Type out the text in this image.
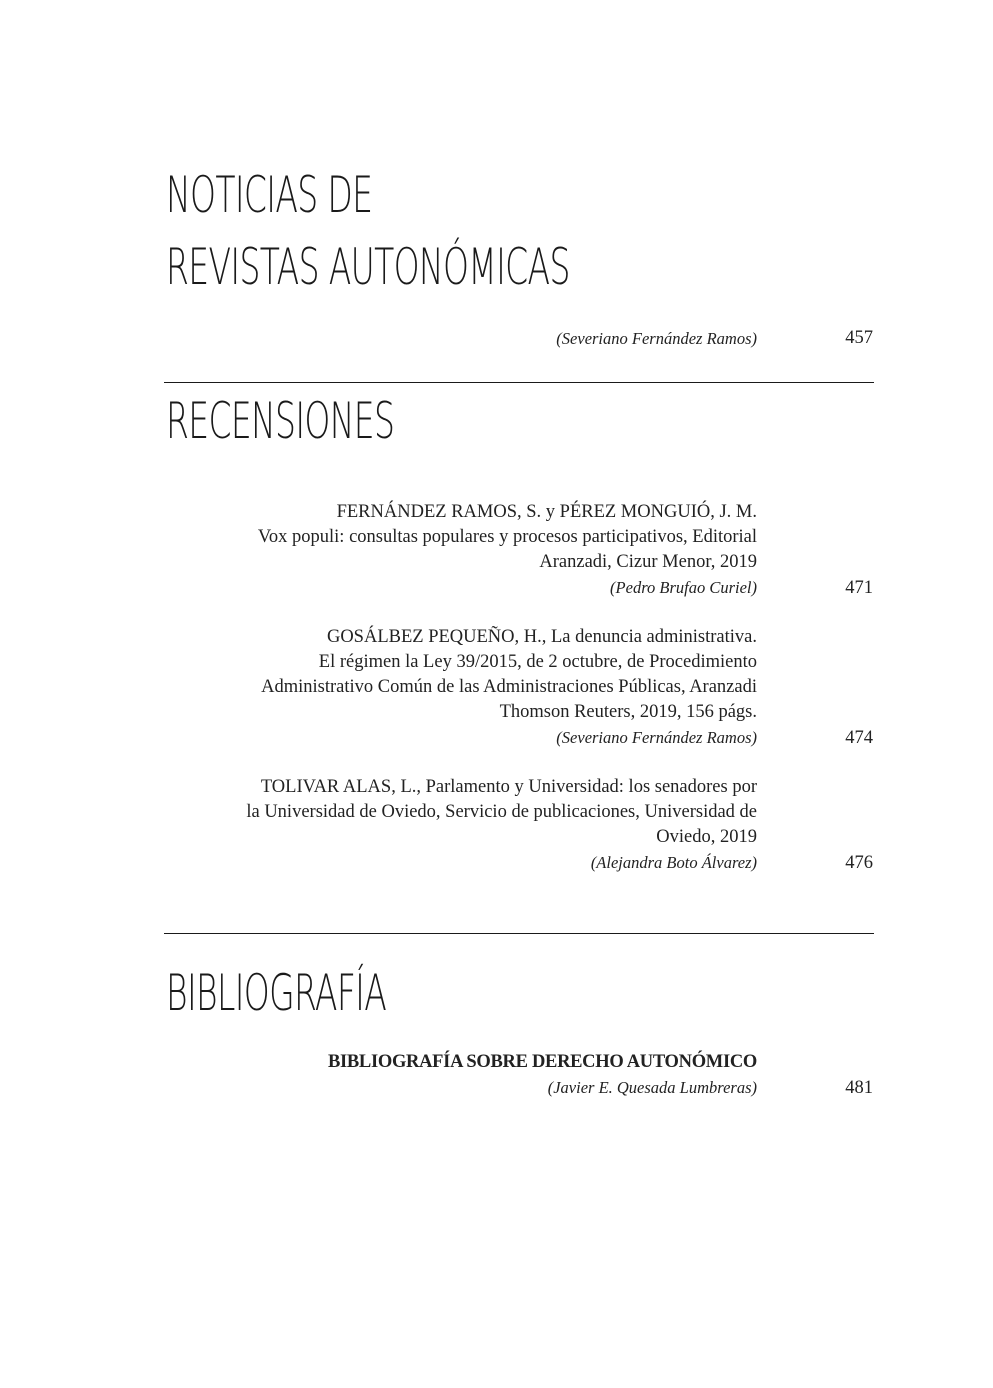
NOTICIAS DE
REVISTAS AUTONÓMICAS
(Severiano Fernández Ramos)	457
RECENSIONES
FERNÁNDEZ RAMOS, S. y PÉREZ MONGUIÓ, J. M.
Vox populi: consultas populares y procesos participativos, Editorial
Aranzadi, Cizur Menor, 2019
(Pedro Brufao Curiel)	471
GOSÁLBEZ PEQUEÑO, H., La denuncia administrativa.
El régimen la Ley 39/2015, de 2 octubre, de Procedimiento
Administrativo Común de las Administraciones Públicas, Aranzadi
Thomson Reuters, 2019, 156 págs.
(Severiano Fernández Ramos)	474
TOLIVAR ALAS, L., Parlamento y Universidad: los senadores por
la Universidad de Oviedo, Servicio de publicaciones, Universidad de
Oviedo, 2019
(Alejandra Boto Álvarez)	476
BIBLIOGRAFÍA
BIBLIOGRAFÍA SOBRE DERECHO AUTONÓMICO
(Javier E. Quesada Lumbreras)	481
